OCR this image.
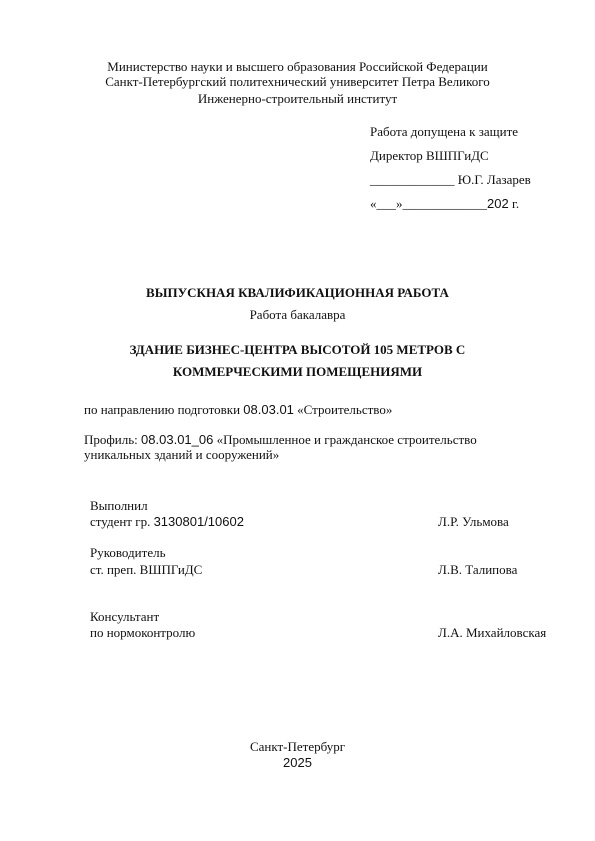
Министерство науки и высшего образования Российской Федерации
Санкт-Петербургский политехнический университет Петра Великого
Инженерно-строительный институт
Работа допущена к защите
Директор ВШПГиДС
_____________ Ю.Г. Лазарев
«___»_____________202 г.
ВЫПУСКНАЯ КВАЛИФИКАЦИОННАЯ РАБОТА
Работа бакалавра
ЗДАНИЕ БИЗНЕС-ЦЕНТРА ВЫСОТОЙ 105 МЕТРОВ С
КОММЕРЧЕСКИМИ ПОМЕЩЕНИЯМИ
по направлению подготовки 08.03.01 «Строительство»
Профиль: 08.03.01_06 «Промышленное и гражданское строительство
уникальных зданий и сооружений»
Выполнил
студент гр. 3130801/10602	Л.Р. Ульмова
Руководитель
ст. преп. ВШПГиДС	Л.В. Талипова
Консультант
по нормоконтролю	Л.А. Михайловская
Санкт-Петербург
2025
